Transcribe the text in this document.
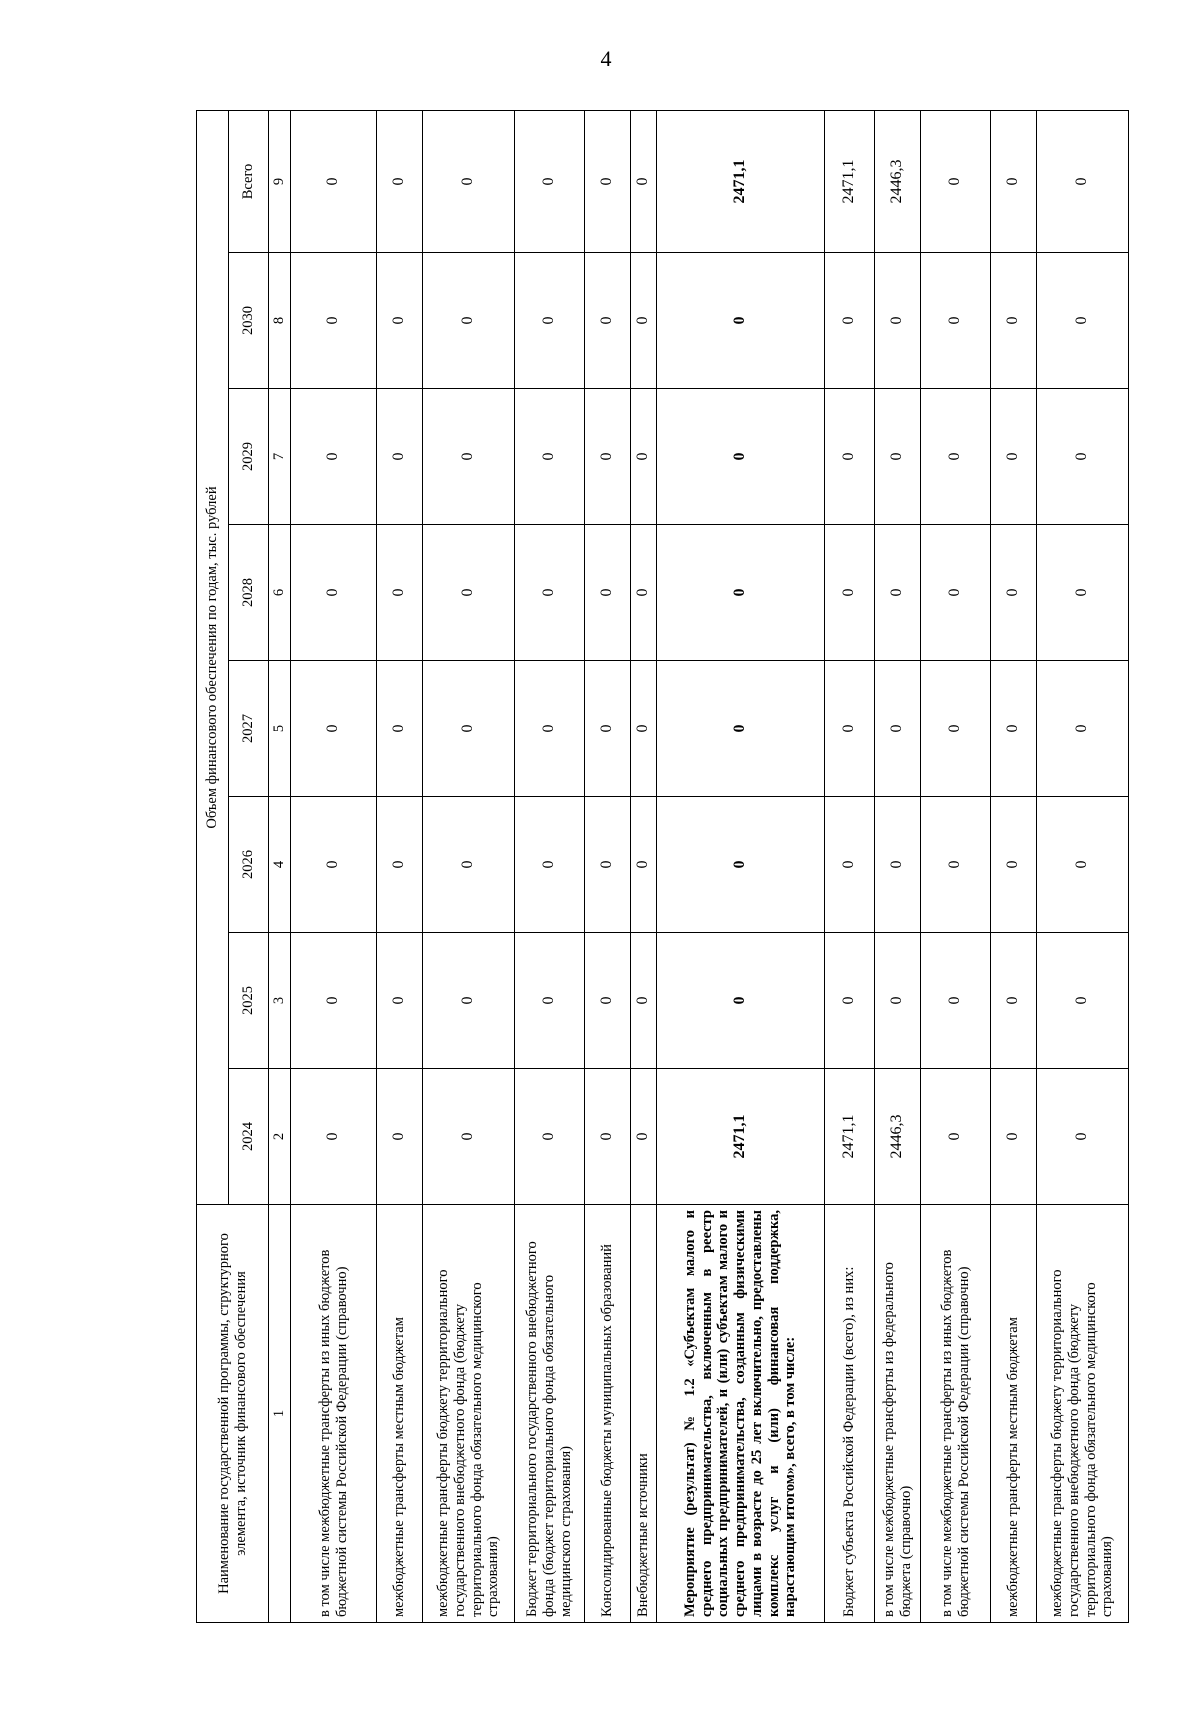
4
Наименование государственной программы, структурного элемента, источник финансового обеспечения	Объем финансового обеспечения по годам, тыс. рублей							
	2024	2025	2026	2027	2028	2029	2030	Всего
1	2	3	4	5	6	7	8	9
в том числе межбюджетные трансферты из иных бюджетов бюджетной системы Российской Федерации (справочно)	0	0	0	0	0	0	0	0
межбюджетные трансферты местным бюджетам	0	0	0	0	0	0	0	0
межбюджетные трансферты бюджету территориального государственного внебюджетного фонда (бюджету территориального фонда обязательного медицинского страхования)	0	0	0	0	0	0	0	0
Бюджет территориального государственного внебюджетного фонда (бюджет территориального фонда обязательного медицинского страхования)	0	0	0	0	0	0	0	0
Консолидированные бюджеты муниципальных образований	0	0	0	0	0	0	0	0
Внебюджетные источники	0	0	0	0	0	0	0	0
Мероприятие (результат) № 1.2 «Субъектам малого и среднего предпринимательства, включенным в реестр социальных предпринимателей, и (или) субъектам малого и среднего предпринимательства, созданным физическими лицами в возрасте до 25 лет включительно, предоставлены комплекс услуг и (или) финансовая поддержка, нарастающим итогом», всего, в том числе:	2471,1	0	0	0	0	0	0	2471,1
Бюджет субъекта Российской Федерации (всего), из них:	2471,1	0	0	0	0	0	0	2471,1
в том числе межбюджетные трансферты из федерального бюджета (справочно)	2446,3	0	0	0	0	0	0	2446,3
в том числе межбюджетные трансферты из иных бюджетов бюджетной системы Российской Федерации (справочно)	0	0	0	0	0	0	0	0
межбюджетные трансферты местным бюджетам	0	0	0	0	0	0	0	0
межбюджетные трансферты бюджету территориального государственного внебюджетного фонда (бюджету территориального фонда обязательного медицинского страхования)	0	0	0	0	0	0	0	0
